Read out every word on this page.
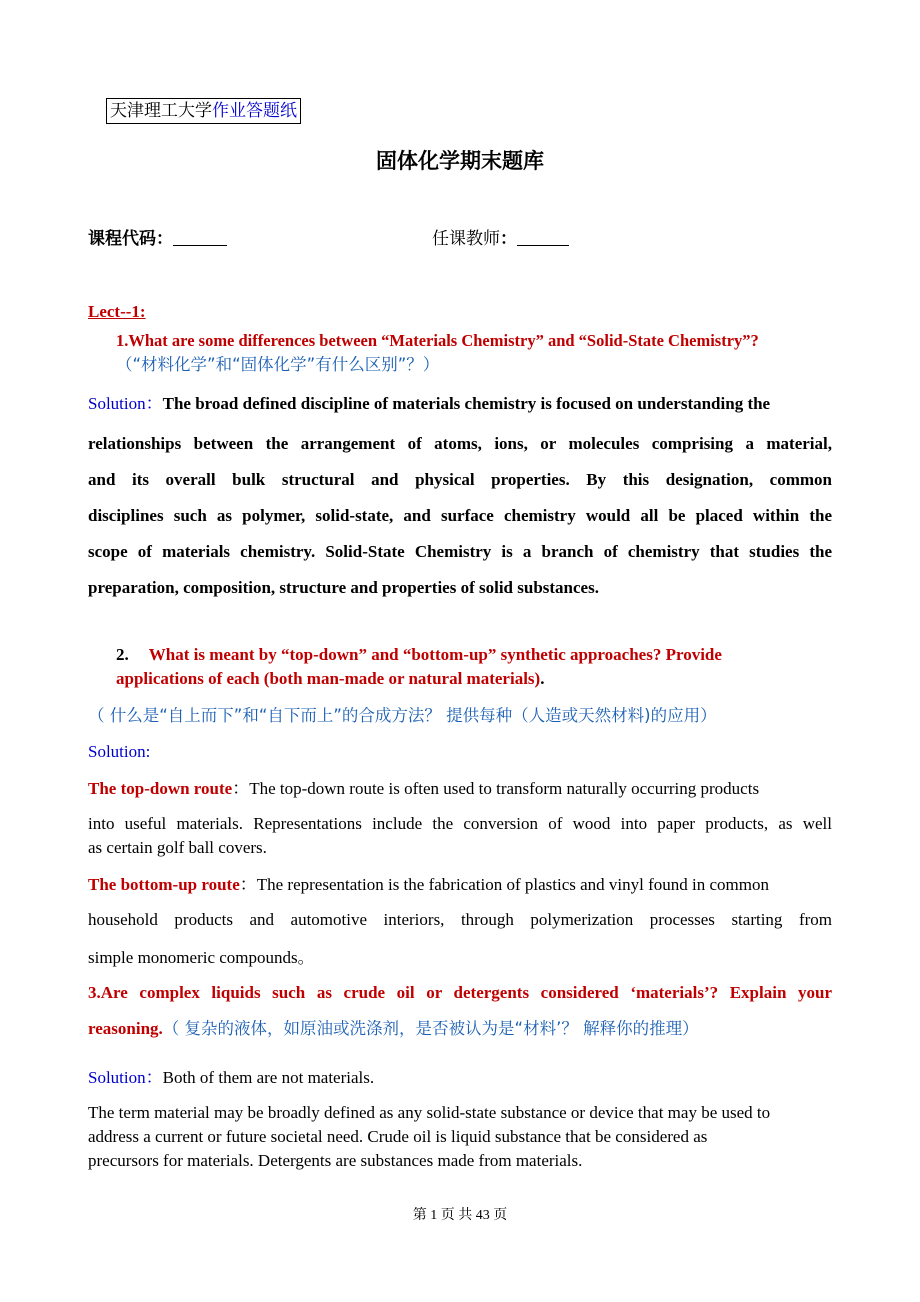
天津理工大学作业答题纸
固体化学期末题库
课程代码：	任课教师：
Lect--1:
1.What are some differences between “Materials Chemistry” and “Solid-State Chemistry”?
（“材料化学”和“固体化学”有什么区别”？）
Solution：The broad defined discipline of materials chemistry is focused on understanding the
relationships between the arrangement of atoms, ions, or molecules comprising a material,
and its overall bulk structural and physical properties. By this designation, common
disciplines such as polymer, solid-state, and surface chemistry would all be placed within the
scope of materials chemistry. Solid-State Chemistry is a branch of chemistry that studies the
preparation, composition, structure and properties of solid substances.
2. What is meant by “top-down” and “bottom-up” synthetic approaches? Provide
applications of each (both man-made or natural materials).
（ 什么是“自上而下”和“自下而上”的合成方法？ 提供每种（人造或天然材料)的应用）
Solution:
The top-down route：The top-down route is often used to transform naturally occurring products
into useful materials. Representations include the conversion of wood into paper products, as well
as certain golf ball covers.
The bottom-up route：The representation is the fabrication of plastics and vinyl found in common
household products and automotive interiors, through polymerization processes starting from
simple monomeric compounds。
3.Are complex liquids such as crude oil or detergents considered ‘materials’? Explain your
reasoning.（ 复杂的液体，如原油或洗涤剂，是否被认为是“材料’？ 解释你的推理）
Solution：Both of them are not materials.
The term material may be broadly defined as any solid-state substance or device that may be used to
address a current or future societal need. Crude oil is liquid substance that be considered as
precursors for materials. Detergents are substances made from materials.
第 1 页 共 43 页
